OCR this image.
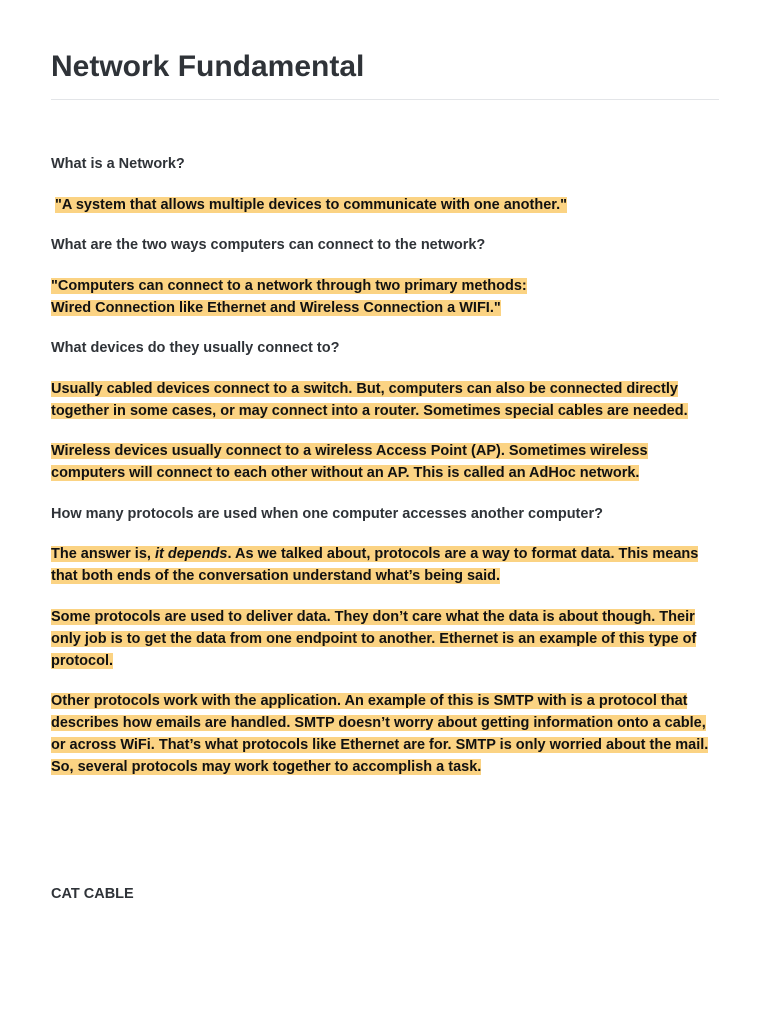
Network Fundamental

What is a Network?

"A system that allows multiple devices to communicate with one another."

What are the two ways computers can connect to the network?

"Computers can connect to a network through two primary methods:
Wired Connection like Ethernet and Wireless Connection a WIFI."

What devices do they usually connect to?

Usually cabled devices connect to a switch. But, computers can also be connected directly together in some cases, or may connect into a router. Sometimes special cables are needed.

Wireless devices usually connect to a wireless Access Point (AP). Sometimes wireless computers will connect to each other without an AP. This is called an AdHoc network.

How many protocols are used when one computer accesses another computer?

The answer is, it depends. As we talked about, protocols are a way to format data. This means that both ends of the conversation understand what’s being said.

Some protocols are used to deliver data. They don’t care what the data is about though. Their only job is to get the data from one endpoint to another. Ethernet is an example of this type of protocol.

Other protocols work with the application. An example of this is SMTP with is a protocol that describes how emails are handled. SMTP doesn’t worry about getting information onto a cable, or across WiFi. That’s what protocols like Ethernet are for. SMTP is only worried about the mail. So, several protocols may work together to accomplish a task.

CAT CABLE
